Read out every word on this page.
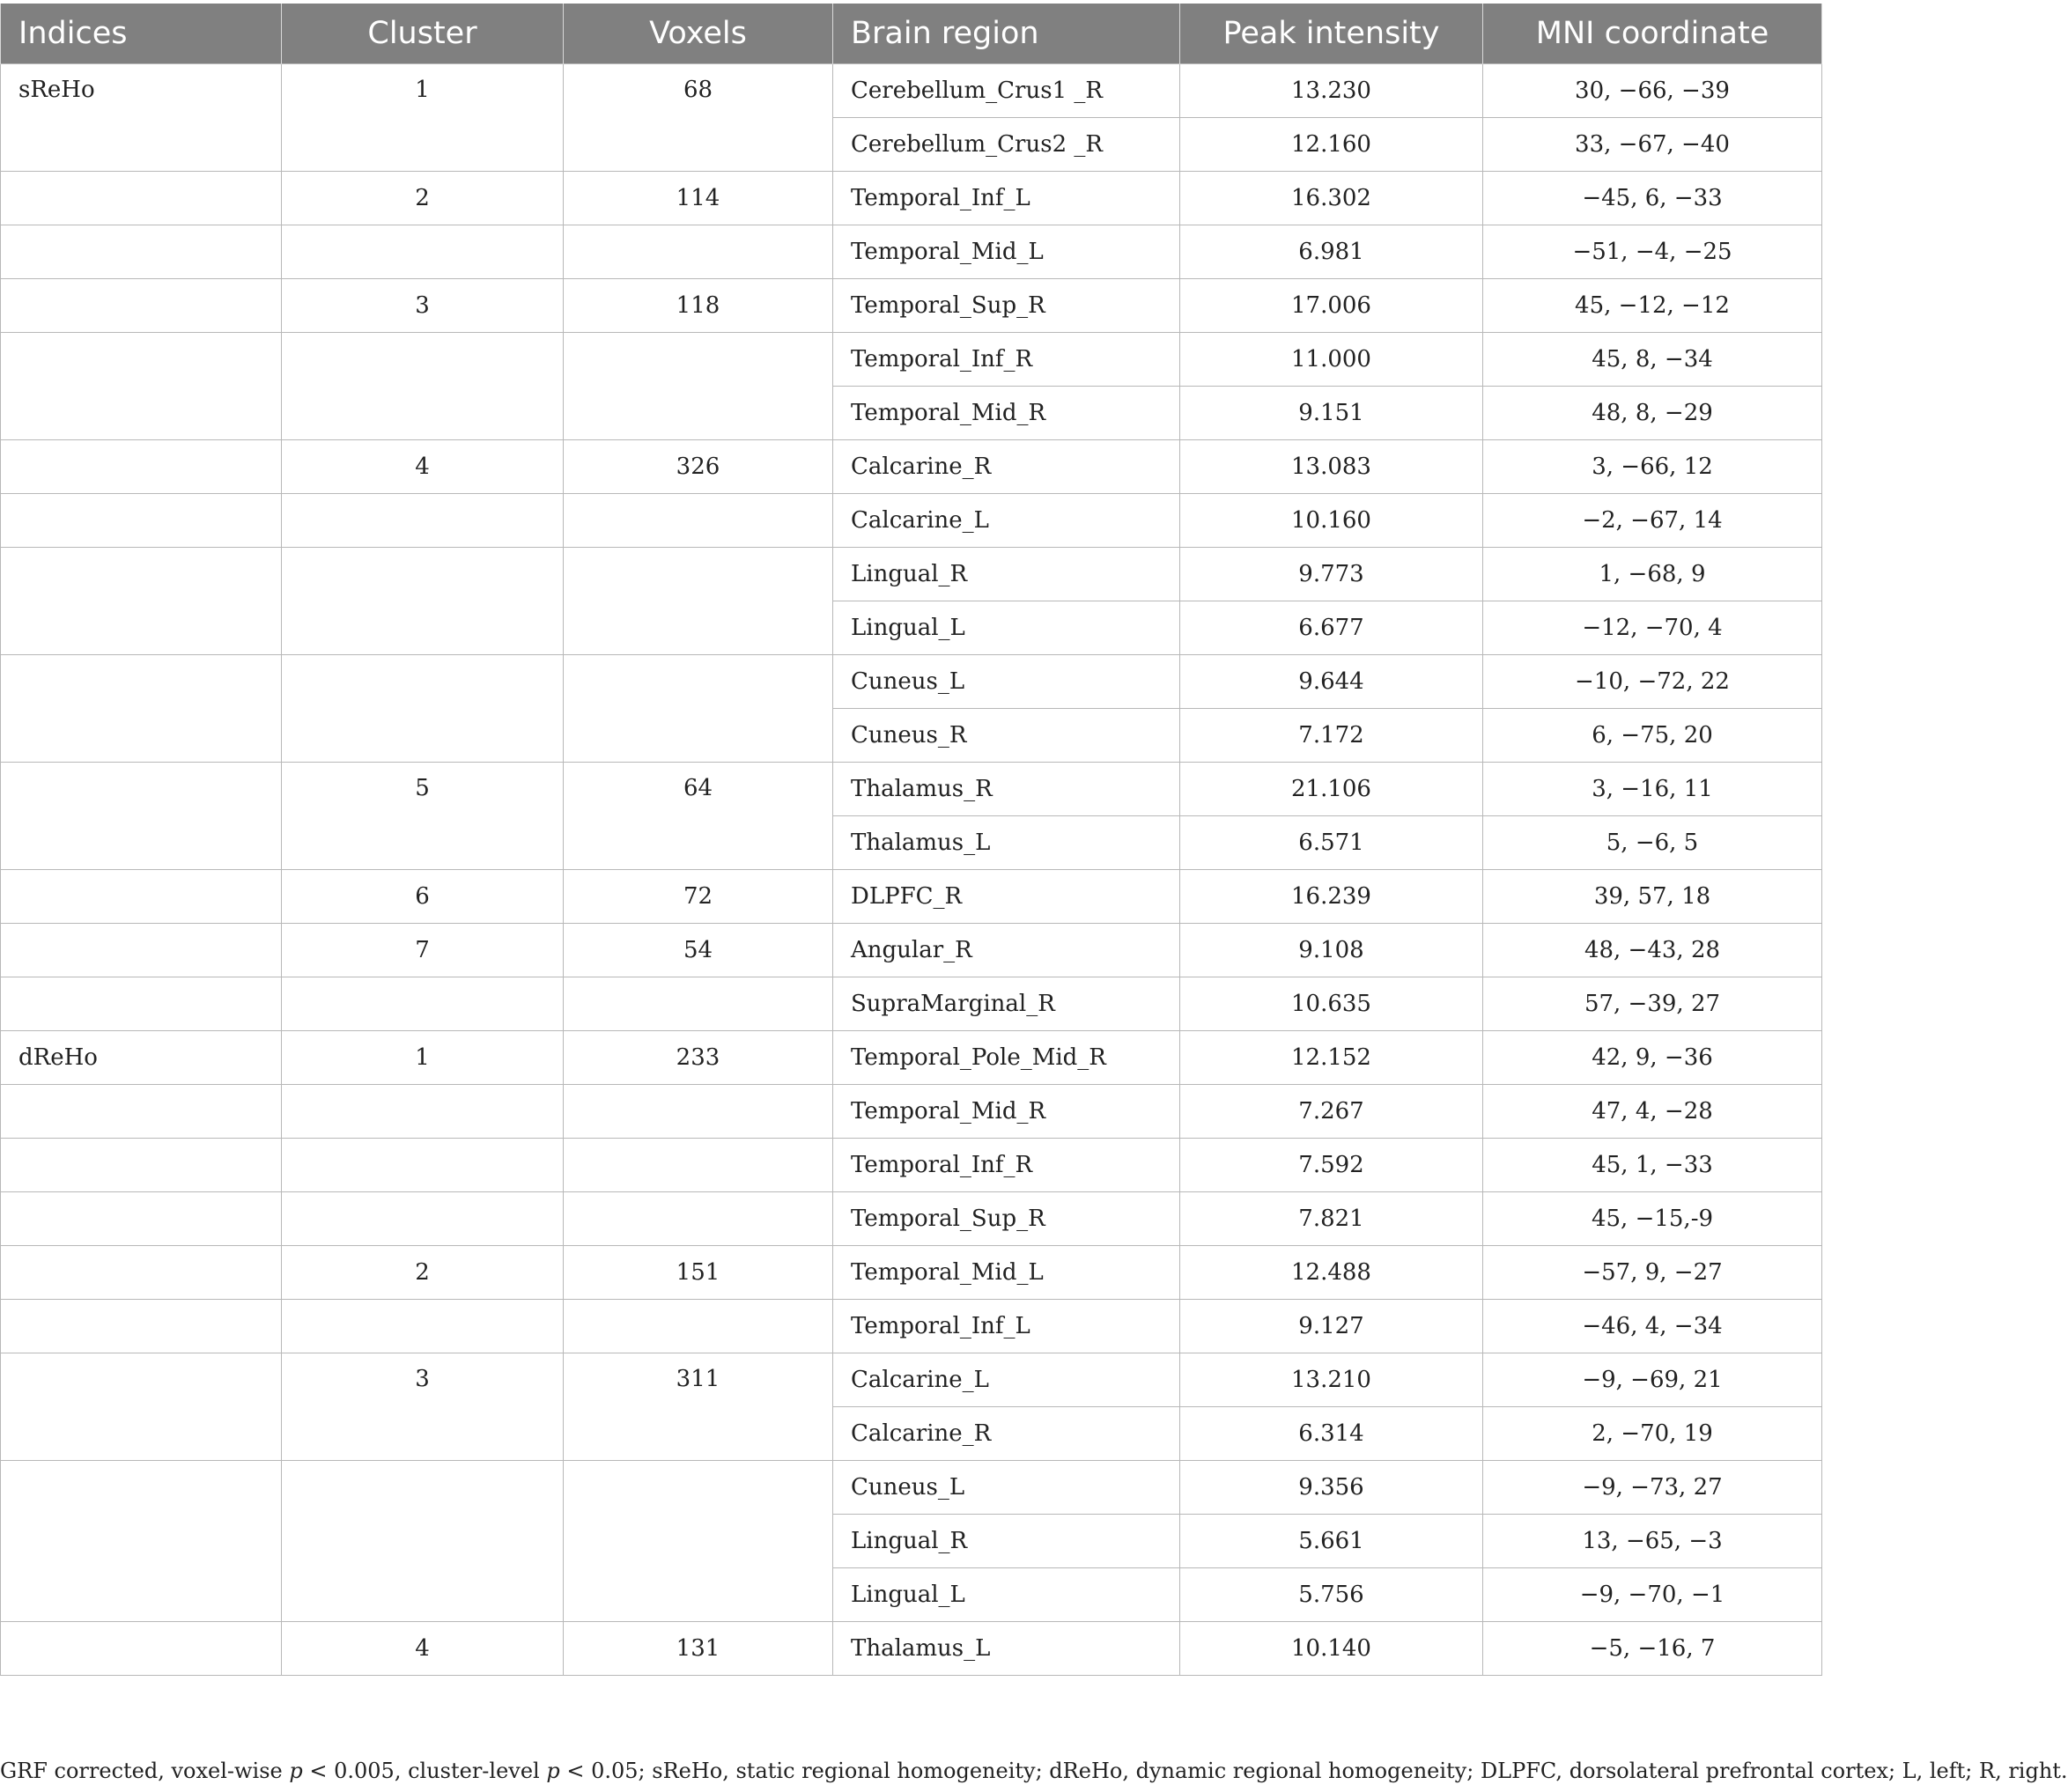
Indices	Cluster	Voxels	Brain region	Peak intensity	MNI coordinate
sReHo	1	68	Cerebellum_Crus1 _R	13.230	30, −66, −39
			Cerebellum_Crus2 _R	12.160	33, −67, −40
	2	114	Temporal_Inf_L	16.302	−45, 6, −33
			Temporal_Mid_L	6.981	−51, −4, −25
	3	118	Temporal_Sup_R	17.006	45, −12, −12
			Temporal_Inf_R	11.000	45, 8, −34
			Temporal_Mid_R	9.151	48, 8, −29
	4	326	Calcarine_R	13.083	3, −66, 12
			Calcarine_L	10.160	−2, −67, 14
			Lingual_R	9.773	1, −68, 9
			Lingual_L	6.677	−12, −70, 4
			Cuneus_L	9.644	−10, −72, 22
			Cuneus_R	7.172	6, −75, 20
	5	64	Thalamus_R	21.106	3, −16, 11
			Thalamus_L	6.571	5, −6, 5
	6	72	DLPFC_R	16.239	39, 57, 18
	7	54	Angular_R	9.108	48, −43, 28
			SupraMarginal_R	10.635	57, −39, 27
dReHo	1	233	Temporal_Pole_Mid_R	12.152	42, 9, −36
			Temporal_Mid_R	7.267	47, 4, −28
			Temporal_Inf_R	7.592	45, 1, −33
			Temporal_Sup_R	7.821	45, −15,-9
	2	151	Temporal_Mid_L	12.488	−57, 9, −27
			Temporal_Inf_L	9.127	−46, 4, −34
	3	311	Calcarine_L	13.210	−9, −69, 21
			Calcarine_R	6.314	2, −70, 19
			Cuneus_L	9.356	−9, −73, 27
			Lingual_R	5.661	13, −65, −3
			Lingual_L	5.756	−9, −70, −1
	4	131	Thalamus_L	10.140	−5, −16, 7
GRF corrected, voxel-wise p < 0.005, cluster-level p < 0.05; sReHo, static regional homogeneity; dReHo, dynamic regional homogeneity; DLPFC, dorsolateral prefrontal cortex; L, left; R, right.
